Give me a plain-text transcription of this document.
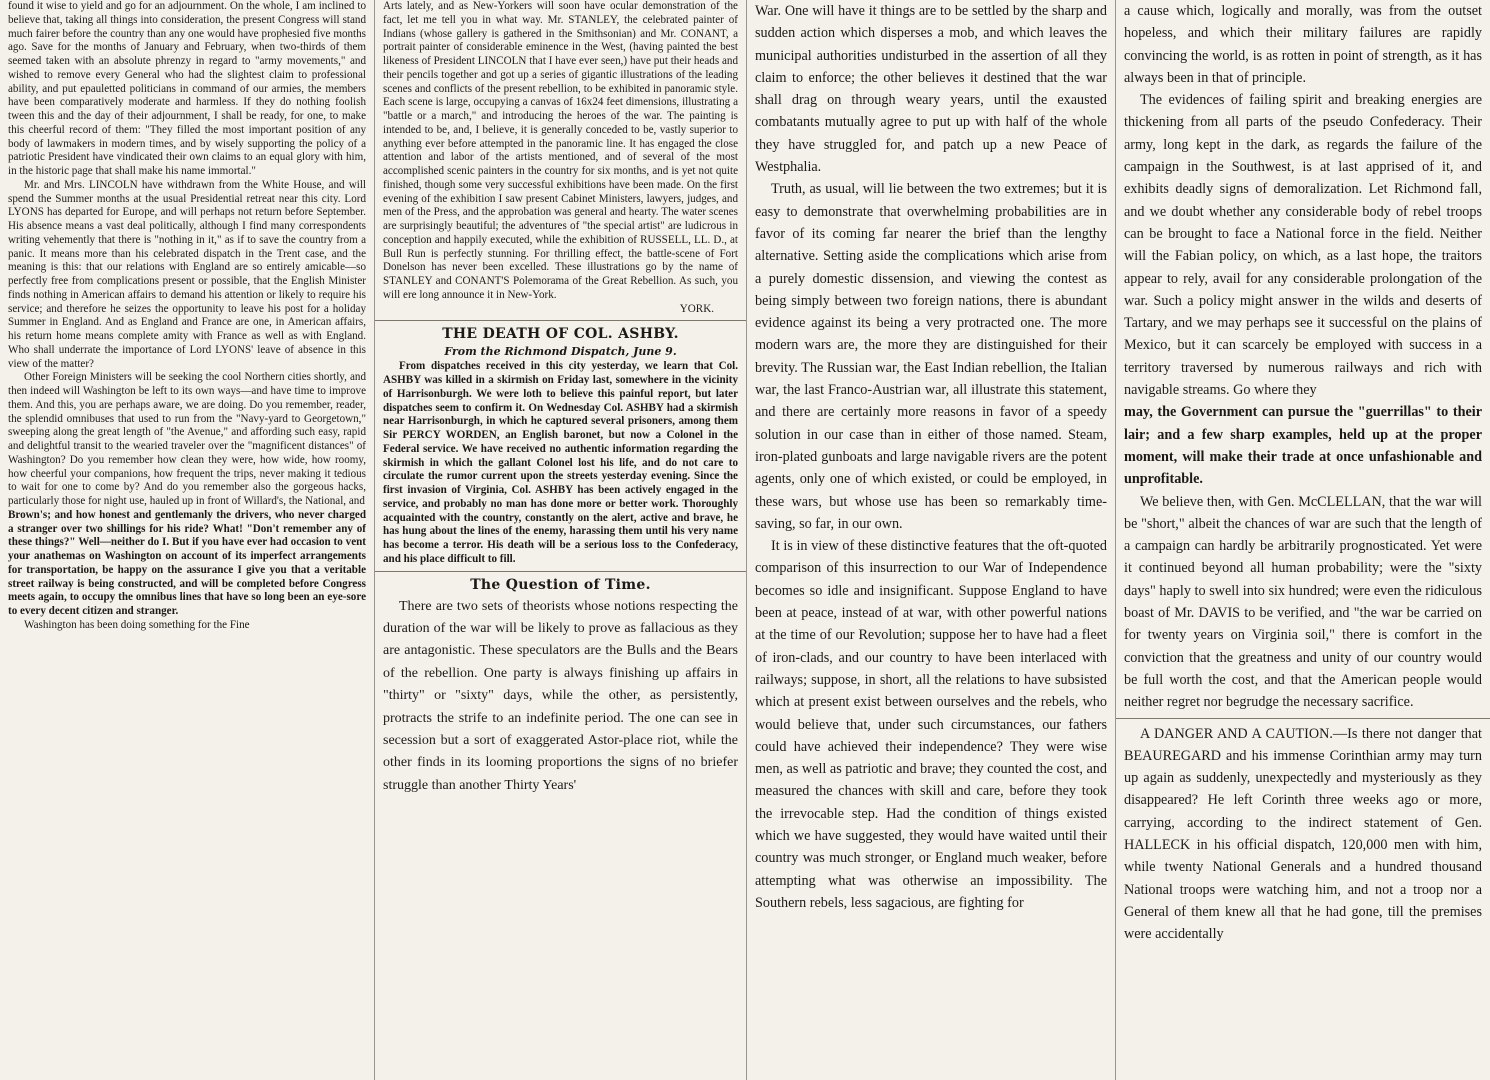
found it wise to yield and go for an adjournment. On the whole, I am inclined to believe that, taking all things into consideration, the present Congress will stand much fairer before the country than any one would have prophesied five months ago. Save for the months of January and February, when two-thirds of them seemed taken with an absolute phrenzy in regard to "army movements," and wished to remove every General who had the slightest claim to professional ability, and put epauletted politicians in command of our armies, the members have been comparatively moderate and harmless. If they do nothing foolish tween this and the day of their adjournment, I shall be ready, for one, to make this cheerful record of them: "They filled the most important position of any body of lawmakers in modern times, and by wisely supporting the policy of a patriotic President have vindicated their own claims to an equal glory with him, in the historic page that shall make his name immortal."

Mr. and Mrs. LINCOLN have withdrawn from the White House, and will spend the Summer months at the usual Presidential retreat near this city. Lord LYONS has departed for Europe, and will perhaps not return before September. His absence means a vast deal politically, although I find many correspondents writing vehemently that there is "nothing in it," as if to save the country from a panic. It means more than his celebrated dispatch in the Trent case, and the meaning is this: that our relations with England are so entirely amicable—so perfectly free from complications present or possible, that the English Minister finds nothing in American affairs to demand his attention or likely to require his service; and therefore he seizes the opportunity to leave his post for a holiday Summer in England. And as England and France are one, in American affairs, his return home means complete amity with France as well as with England. Who shall underrate the importance of Lord LYONS' leave of absence in this view of the matter?

Other Foreign Ministers will be seeking the cool Northern cities shortly, and then indeed will Washington be left to its own ways—and have time to improve them. And this, you are perhaps aware, we are doing. Do you remember, reader, the splendid omnibuses that used to run from the "Navy-yard to Georgetown," sweeping along the great length of "the Avenue," and affording such easy, rapid and delightful transit to the wearied traveler over the "magnificent distances" of Washington? Do you remember how clean they were, how wide, how roomy, how cheerful your companions, how frequent the trips, never making it tedious to wait for one to come by? And do you remember also the gorgeous hacks, particularly those for night use, hauled up in front of Willard's, the National, and

Brown's; and how honest and gentlemanly the drivers, who never charged a stranger over two shillings for his ride? What! "Don't remember any of these things?" Well—neither do I. But if you have ever had occasion to vent your anathemas on Washington on account of its imperfect arrangements for transportation, be happy on the assurance I give you that a veritable street railway is being constructed, and will be completed before Congress meets again, to occupy the omnibus lines that have so long been an eye-sore to every decent citizen and stranger.

Washington has been doing something for the Fine

Arts lately, and as New-Yorkers will soon have ocular demonstration of the fact, let me tell you in what way. Mr. STANLEY, the celebrated painter of Indians (whose gallery is gathered in the Smithsonian) and Mr. CONANT, a portrait painter of considerable eminence in the West, (having painted the best likeness of President LINCOLN that I have ever seen,) have put their heads and their pencils together and got up a series of gigantic illustrations of the leading scenes and conflicts of the present rebellion, to be exhibited in panoramic style. Each scene is large, occupying a canvas of 16x24 feet dimensions, illustrating a "battle or a march," and introducing the heroes of the war. The painting is intended to be, and, I believe, it is generally conceded to be, vastly superior to anything ever before attempted in the panoramic line. It has engaged the close attention and labor of the artists mentioned, and of several of the most accomplished scenic painters in the country for six months, and is yet not quite finished, though some very successful exhibitions have been made. On the first evening of the exhibition I saw present Cabinet Ministers, lawyers, judges, and men of the Press, and the approbation was general and hearty. The water scenes are surprisingly beautiful; the adventures of "the special artist" are ludicrous in conception and happily executed, while the exhibition of RUSSELL, LL. D., at Bull Run is perfectly stunning. For thrilling effect, the battle-scene of Fort Donelson has never been excelled. These illustrations go by the name of STANLEY and CONANT'S Polemorama of the Great Rebellion. As such, you will ere long announce it in New-York.

YORK.
THE DEATH OF COL. ASHBY.
From the Richmond Dispatch, June 9.

From dispatches received in this city yesterday, we learn that Col. ASHBY was killed in a skirmish on Friday last, somewhere in the vicinity of Harrisonburgh. We were loth to believe this painful report, but later dispatches seem to confirm it. On Wednesday Col. ASHBY had a skirmish near Harrisonburgh, in which he captured several prisoners, among them Sir PERCY WORDEN, an English baronet, but now a Colonel in the Federal service. We have received no authentic information regarding the skirmish in which the gallant Colonel lost his life, and do not care to circulate the rumor current upon the streets yesterday evening. Since the first invasion of Virginia, Col. ASHBY has been actively engaged in the service, and probably no man has done more or better work. Thoroughly acquainted with the country, constantly on the alert, active and brave, he has hung about the lines of the enemy, harassing them until his very name has become a terror. His death will be a serious loss to the Confederacy, and his place difficult to fill.

The Question of Time.

There are two sets of theorists whose notions respecting the duration of the war will be likely to prove as fallacious as they are antagonistic. These speculators are the Bulls and the Bears of the rebellion. One party is always finishing up affairs in "thirty" or "sixty" days, while the other, as persistently, protracts the strife to an indefinite period. The one can see in secession but a sort of exaggerated Astor-place riot, while the other finds in its looming proportions the signs of no briefer struggle than another Thirty Years'

War. One will have it things are to be settled by the sharp and sudden action which disperses a mob, and which leaves the municipal authorities undisturbed in the assertion of all they claim to enforce; the other believes it destined that the war shall drag on through weary years, until the exausted combatants mutually agree to put up with half of the whole they have struggled for, and patch up a new Peace of Westphalia.

Truth, as usual, will lie between the two extremes; but it is easy to demonstrate that overwhelming probabilities are in favor of its coming far nearer the brief than the lengthy alternative. Setting aside the complications which arise from a purely domestic dissension, and viewing the contest as being simply between two foreign nations, there is abundant evidence against its being a very protracted one. The more modern wars are, the more they are distinguished for their brevity. The Russian war, the East Indian rebellion, the Italian war, the last Franco-Austrian war, all illustrate this statement, and there are certainly more reasons in favor of a speedy solution in our case than in either of those named. Steam, iron-plated gunboats and large navigable rivers are the potent agents, only one of which existed, or could be employed, in these wars, but whose use has been so remarkably time-saving, so far, in our own.

It is in view of these distinctive features that the oft-quoted comparison of this insurrection to our War of Independence becomes so idle and insignificant. Suppose England to have been at peace, instead of at war, with other powerful nations at the time of our Revolution; suppose her to have had a fleet of iron-clads, and our country to have been interlaced with railways; suppose, in short, all the relations to have subsisted which at present exist between ourselves and the rebels, who would believe that, under such circumstances, our fathers could have achieved their independence? They were wise men, as well as patriotic and brave; they counted the cost, and measured the chances with skill and care, before they took the irrevocable step. Had the condition of things existed which we have suggested, they would have waited until their country was much stronger, or England much weaker, before attempting what was otherwise an impossibility. The Southern rebels, less sagacious, are fighting for

a cause which, logically and morally, was from the outset hopeless, and which their military failures are rapidly convincing the world, is as rotten in point of strength, as it has always been in that of principle.

The evidences of failing spirit and breaking energies are thickening from all parts of the pseudo Confederacy. Their army, long kept in the dark, as regards the failure of the campaign in the Southwest, is at last apprised of it, and exhibits deadly signs of demoralization. Let Richmond fall, and we doubt whether any considerable body of rebel troops can be brought to face a National force in the field. Neither will the Fabian policy, on which, as a last hope, the traitors appear to rely, avail for any considerable prolongation of the war. Such a policy might answer in the wilds and deserts of Tartary, and we may perhaps see it successful on the plains of Mexico, but it can scarcely be employed with success in a territory traversed by numerous railways and rich with navigable streams. Go where they

may, the Government can pursue the "guerrillas" to their lair; and a few sharp examples, held up at the proper moment, will make their trade at once unfashionable and unprofitable.

We believe then, with Gen. McCLELLAN, that the war will be "short," albeit the chances of war are such that the length of a campaign can hardly be arbitrarily prognosticated. Yet were it continued beyond all human probability; were the "sixty days" haply to swell into six hundred; were even the ridiculous boast of Mr. DAVIS to be verified, and "the war be carried on for twenty years on Virginia soil," there is comfort in the conviction that the greatness and unity of our country would be full worth the cost, and that the American people would neither regret nor begrudge the necessary sacrifice.

A DANGER AND A CAUTION.—Is there not danger that BEAUREGARD and his immense Corinthian army may turn up again as suddenly, unexpectedly and mysteriously as they disappeared? He left Corinth three weeks ago or more, carrying, according to the indirect statement of Gen. HALLECK in his official dispatch, 120,000 men with him, while twenty National Generals and a hundred thousand National troops were watching him, and not a troop nor a General of them knew all that he had gone, till the premises were accidentally
